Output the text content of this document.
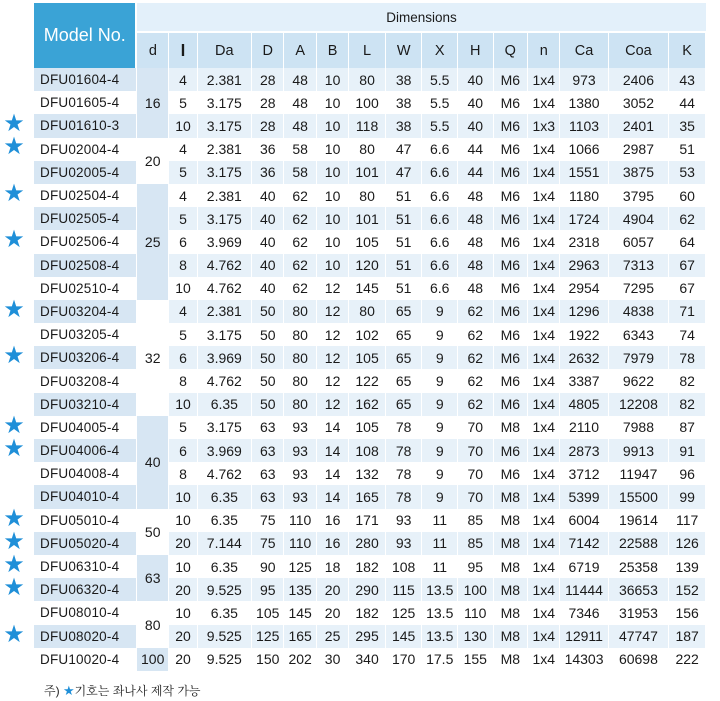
★
★
★
★
★
★
★
★
★
★
★
★
★
Model No.	Dimensions														
	d	l	Da	D	A	B	L	W	X	H	Q	n	Ca	Coa	K
DFU01604-4	16	4	2.381	28	48	10	80	38	5.5	40	M6	1x4	973	2406	43
DFU01605-4		5	3.175	28	48	10	100	38	5.5	40	M6	1x4	1380	3052	44
DFU01610-3		10	3.175	28	48	10	118	38	5.5	40	M6	1x3	1103	2401	35
DFU02004-4	20	4	2.381	36	58	10	80	47	6.6	44	M6	1x4	1066	2987	51
DFU02005-4		5	3.175	36	58	10	101	47	6.6	44	M6	1x4	1551	3875	53
DFU02504-4	25	4	2.381	40	62	10	80	51	6.6	48	M6	1x4	1180	3795	60
DFU02505-4		5	3.175	40	62	10	101	51	6.6	48	M6	1x4	1724	4904	62
DFU02506-4		6	3.969	40	62	10	105	51	6.6	48	M6	1x4	2318	6057	64
DFU02508-4		8	4.762	40	62	10	120	51	6.6	48	M6	1x4	2963	7313	67
DFU02510-4		10	4.762	40	62	12	145	51	6.6	48	M6	1x4	2954	7295	67
DFU03204-4	32	4	2.381	50	80	12	80	65	9	62	M6	1x4	1296	4838	71
DFU03205-4		5	3.175	50	80	12	102	65	9	62	M6	1x4	1922	6343	74
DFU03206-4		6	3.969	50	80	12	105	65	9	62	M6	1x4	2632	7979	78
DFU03208-4		8	4.762	50	80	12	122	65	9	62	M6	1x4	3387	9622	82
DFU03210-4		10	6.35	50	80	12	162	65	9	62	M6	1x4	4805	12208	82
DFU04005-4	40	5	3.175	63	93	14	105	78	9	70	M8	1x4	2110	7988	87
DFU04006-4		6	3.969	63	93	14	108	78	9	70	M6	1x4	2873	9913	91
DFU04008-4		8	4.762	63	93	14	132	78	9	70	M6	1x4	3712	11947	96
DFU04010-4		10	6.35	63	93	14	165	78	9	70	M8	1x4	5399	15500	99
DFU05010-4	50	10	6.35	75	110	16	171	93	11	85	M8	1x4	6004	19614	117
DFU05020-4		20	7.144	75	110	16	280	93	11	85	M8	1x4	7142	22588	126
DFU06310-4	63	10	6.35	90	125	18	182	108	11	95	M8	1x4	6719	25358	139
DFU06320-4		20	9.525	95	135	20	290	115	13.5	100	M8	1x4	11444	36653	152
DFU08010-4	80	10	6.35	105	145	20	182	125	13.5	110	M8	1x4	7346	31953	156
DFU08020-4		20	9.525	125	165	25	295	145	13.5	130	M8	1x4	12911	47747	187
DFU10020-4	100	20	9.525	150	202	30	340	170	17.5	155	M8	1x4	14303	60698	222
주) ★기호는 좌나사 제작 가능
